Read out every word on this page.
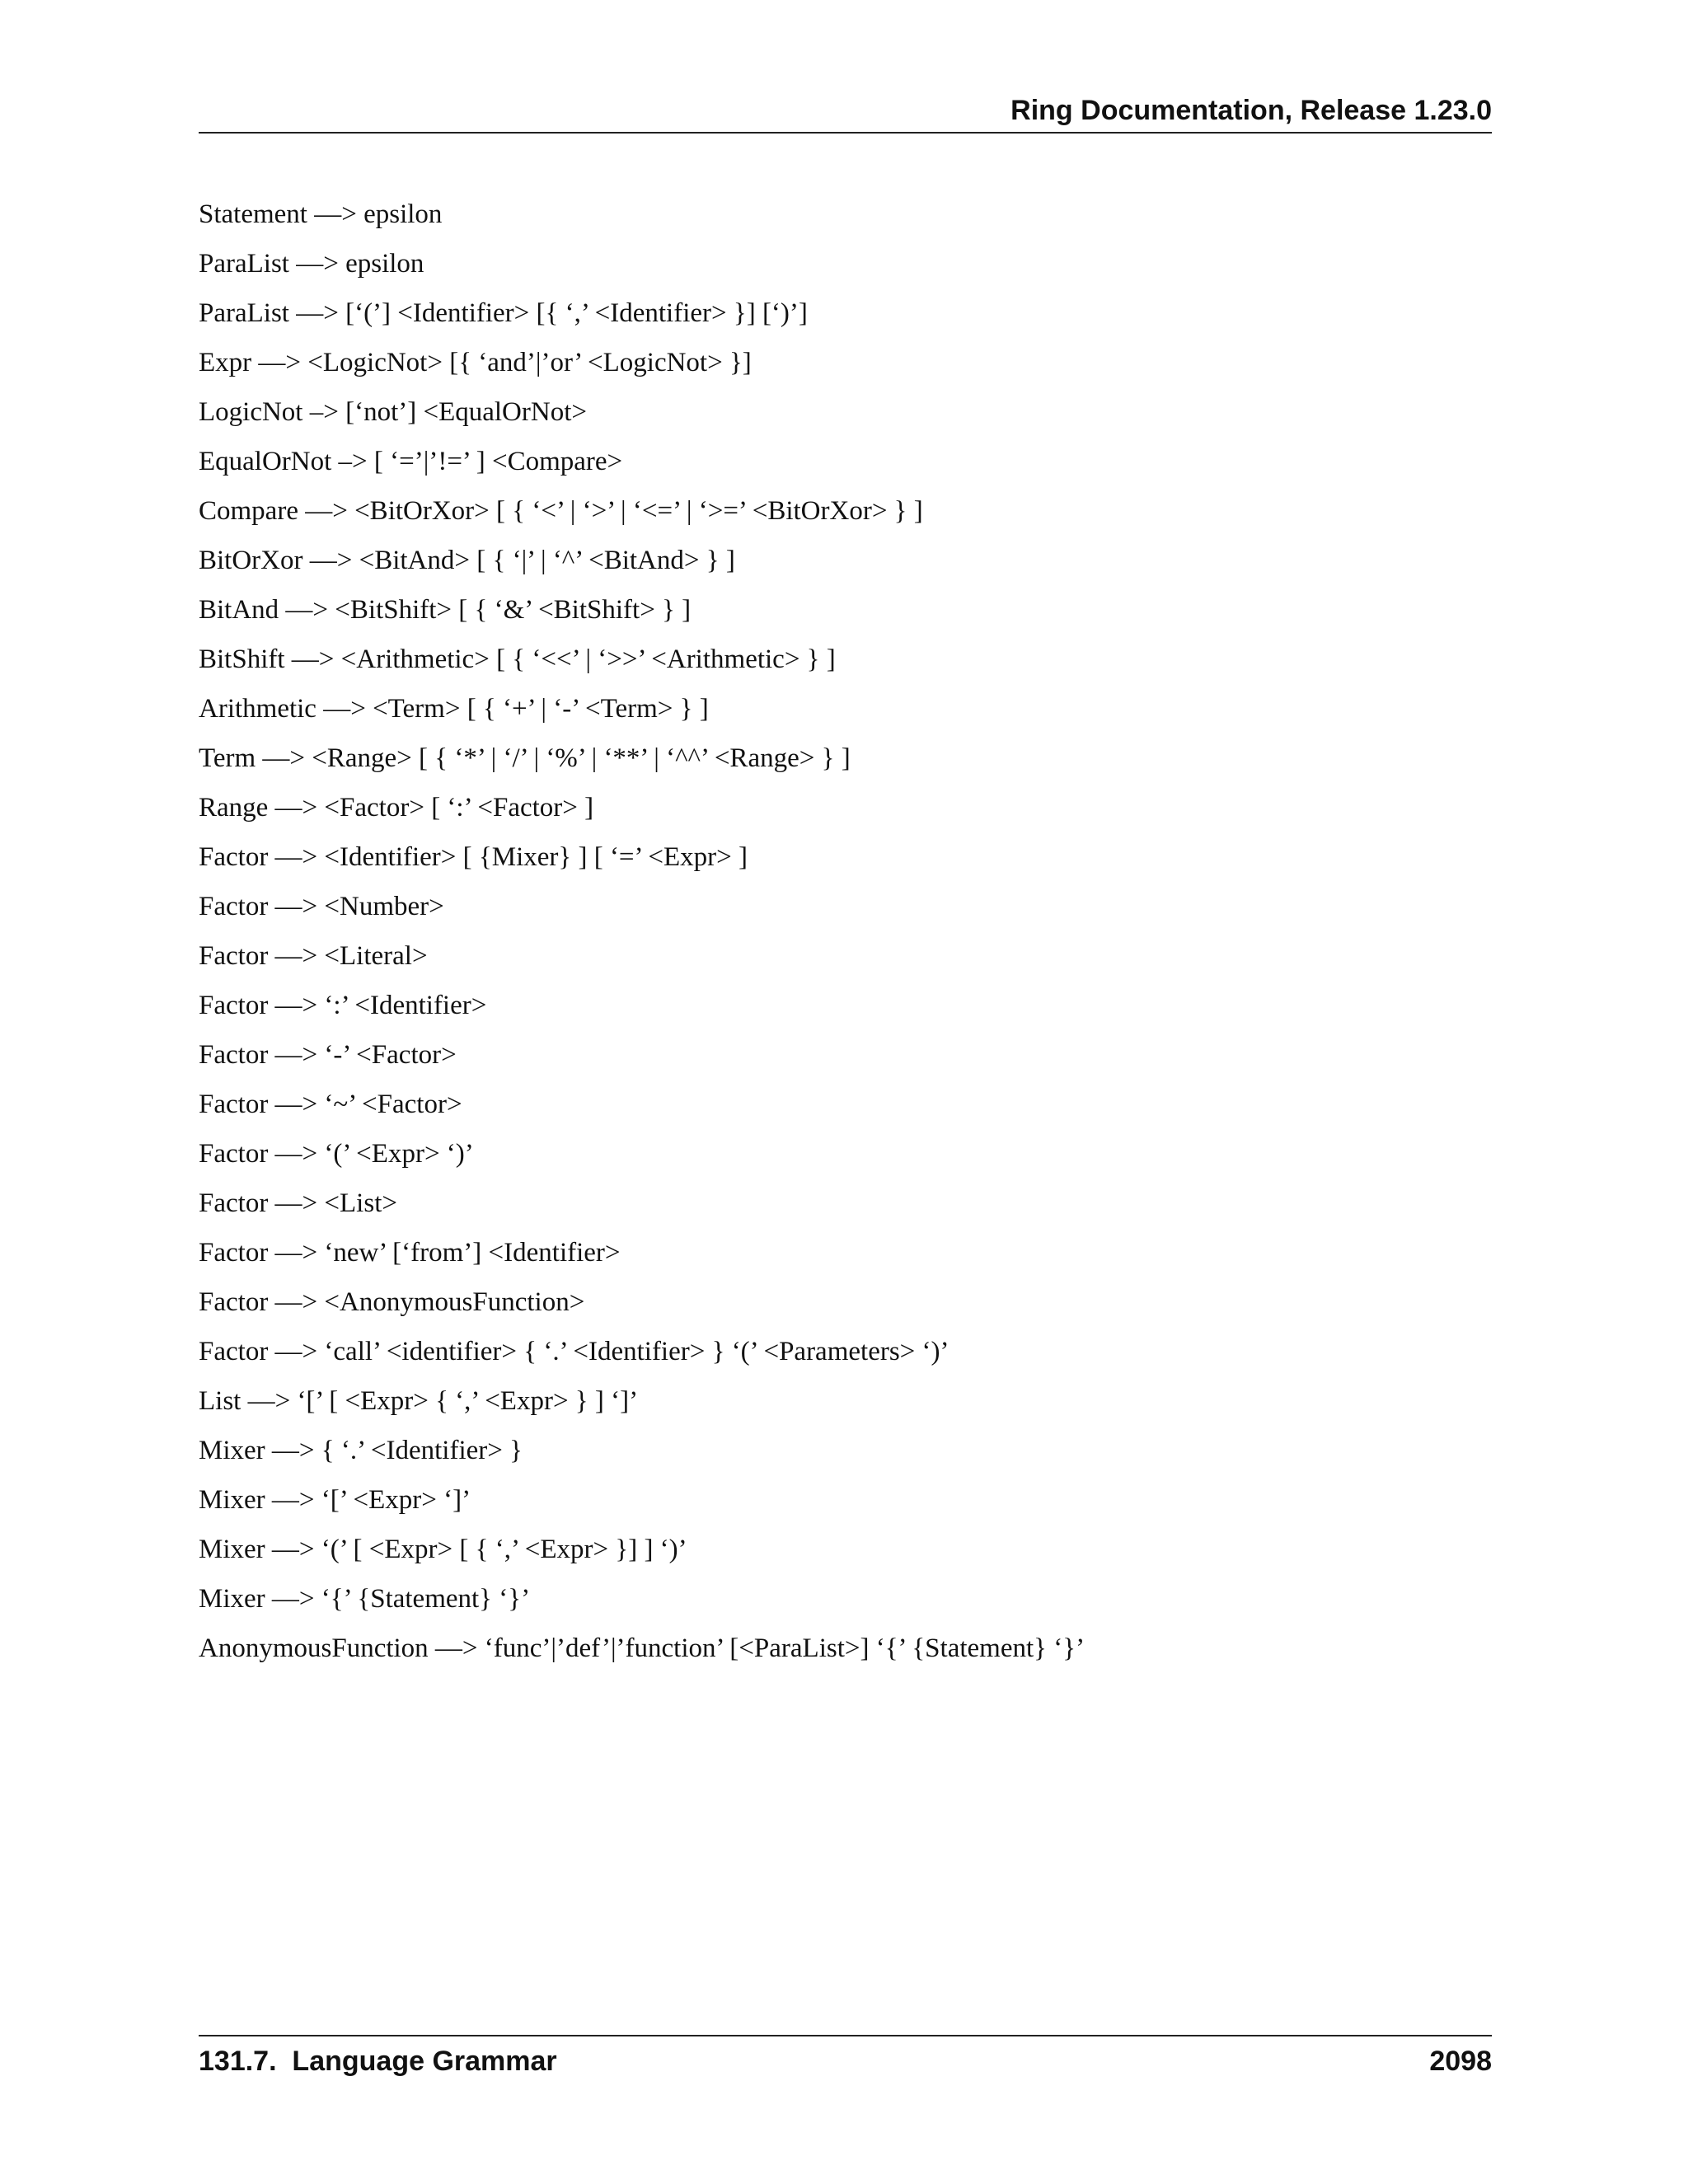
Ring Documentation, Release 1.23.0
Statement —> epsilon
ParaList —> epsilon
ParaList —> [‘(’] <Identifier> [{ ‘,’ <Identifier> }] [‘)’]
Expr —> <LogicNot> [{ ‘and’|’or’ <LogicNot> }]
LogicNot –> [‘not’] <EqualOrNot>
EqualOrNot –> [ ‘=’|’!=’ ] <Compare>
Compare —> <BitOrXor> [ { ‘<’ | ‘>’ | ‘<=’ | ‘>=’ <BitOrXor> } ]
BitOrXor —> <BitAnd> [ { ‘|’ | ‘^’ <BitAnd> } ]
BitAnd —> <BitShift> [ { ‘&’ <BitShift> } ]
BitShift —> <Arithmetic> [ { ‘<<’ | ‘>>’ <Arithmetic> } ]
Arithmetic —> <Term> [ { ‘+’ | ‘-’ <Term> } ]
Term —> <Range> [ { ‘*’ | ‘/’ | ‘%’ | ‘**’ | ‘^^’ <Range> } ]
Range —> <Factor> [ ‘:’ <Factor> ]
Factor —> <Identifier> [ {Mixer} ] [ ‘=’ <Expr> ]
Factor —> <Number>
Factor —> <Literal>
Factor —> ‘:’ <Identifier>
Factor —> ‘-’ <Factor>
Factor —> ‘~’ <Factor>
Factor —> ‘(’ <Expr> ‘)’
Factor —> <List>
Factor —> ‘new’ [‘from’] <Identifier>
Factor —> <AnonymousFunction>
Factor —> ‘call’ <identifier> { ‘.’ <Identifier> } ‘(’ <Parameters> ‘)’
List —> ‘[’ [ <Expr> { ‘,’ <Expr> } ] ‘]’
Mixer —> { ‘.’ <Identifier> }
Mixer —> ‘[’ <Expr> ‘]’
Mixer —> ‘(’ [ <Expr> [ { ‘,’ <Expr> }] ] ‘)’
Mixer —> ‘{’ {Statement} ‘}’
AnonymousFunction —> ‘func’|’def’|’function’ [<ParaList>] ‘{’ {Statement} ‘}’
131.7.  Language Grammar	2098
